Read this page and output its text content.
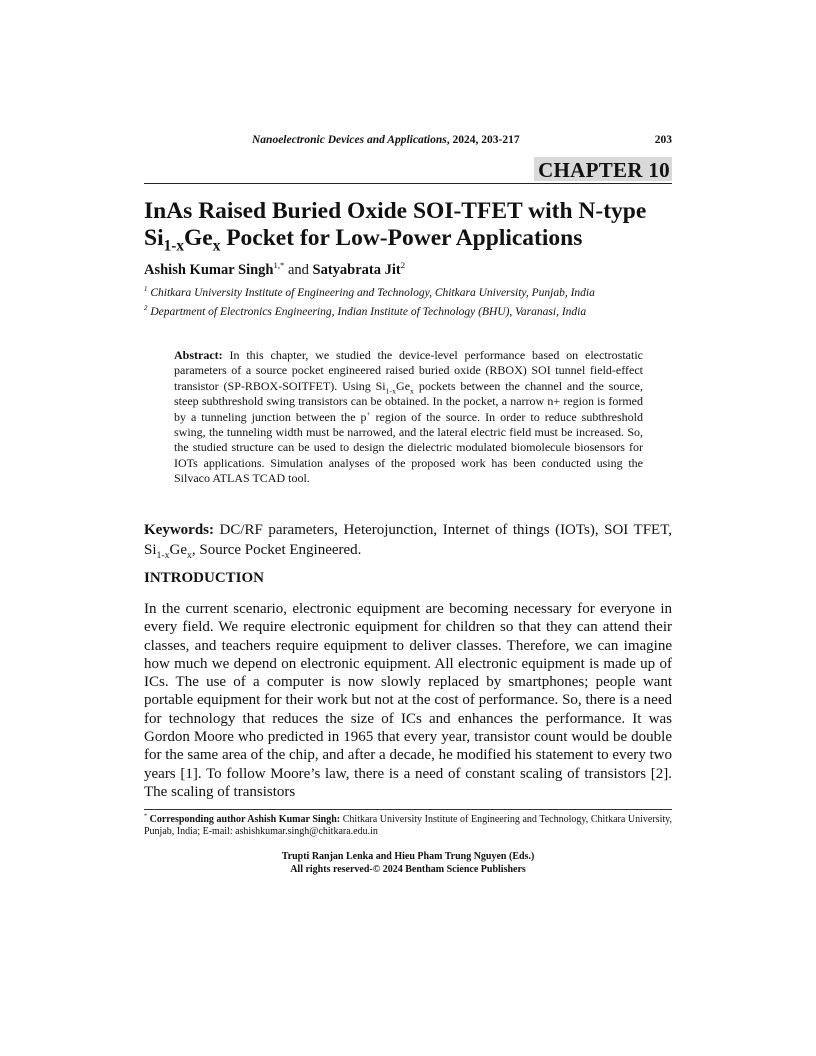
Nanoelectronic Devices and Applications, 2024, 203-217	203
CHAPTER 10
InAs Raised Buried Oxide SOI-TFET with N-type
$Si_{1-x}Ge_x$ Pocket for Low-Power Applications
Ashish Kumar Singh$^{1,*}$ and Satyabrata Jit$^2$
$^1$ Chitkara University Institute of Engineering and Technology, Chitkara University, Punjab, India
$^2$ Department of Electronics Engineering, Indian Institute of Technology (BHU), Varanasi, India
Abstract: In this chapter, we studied the device-level performance based on electrostatic parameters of a source pocket engineered raised buried oxide (RBOX) SOI tunnel field-effect transistor (SP-RBOX-SOITFET). Using $Si_{1-x}Ge_x$ pockets between the channel and the source, steep subthreshold swing transistors can be obtained. In the pocket, a narrow n+ region is formed by a tunneling junction between the p+ region of the source. In order to reduce subthreshold swing, the tunneling width must be narrowed, and the lateral electric field must be increased. So, the studied structure can be used to design the dielectric modulated biomolecule biosensors for IOTs applications. Simulation analyses of the proposed work has been conducted using the Silvaco ATLAS TCAD tool.
Keywords: DC/RF parameters, Heterojunction, Internet of things (IOTs), SOI TFET, $Si_{1-x}Ge_x$, Source Pocket Engineered.
INTRODUCTION
In the current scenario, electronic equipment are becoming necessary for everyone in every field. We require electronic equipment for children so that they can attend their classes, and teachers require equipment to deliver classes. Therefore, we can imagine how much we depend on electronic equipment. All electronic equipment is made up of ICs. The use of a computer is now slowly replaced by smartphones; people want portable equipment for their work but not at the cost of performance. So, there is a need for technology that reduces the size of ICs and enhances the performance. It was Gordon Moore who predicted in 1965 that every year, transistor count would be double for the same area of the chip, and after a decade, he modified his statement to every two years [1]. To follow Moore’s law, there is a need of constant scaling of transistors [2]. The scaling of transistors
* Corresponding author Ashish Kumar Singh: Chitkara University Institute of Engineering and Technology, Chitkara University, Punjab, India; E-mail: ashishkumar.singh@chitkara.edu.in
Trupti Ranjan Lenka and Hieu Pham Trung Nguyen (Eds.)
All rights reserved-© 2024 Bentham Science Publishers
